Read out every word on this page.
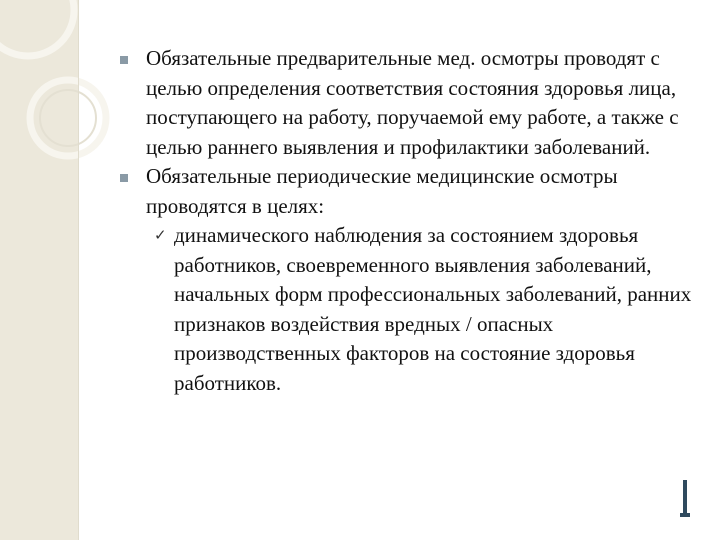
Обязательные предварительные мед. осмотры проводят с целью определения соответствия состояния здоровья лица, поступающего на работу, поручаемой ему работе, а также с целью раннего выявления и профилактики заболеваний.
Обязательные периодические медицинские осмотры проводятся в целях:
✓ динамического наблюдения за состоянием здоровья работников, своевременного выявления заболеваний, начальных форм профессиональных заболеваний, ранних признаков воздействия вредных / опасных производственных факторов на состояние здоровья работников.
